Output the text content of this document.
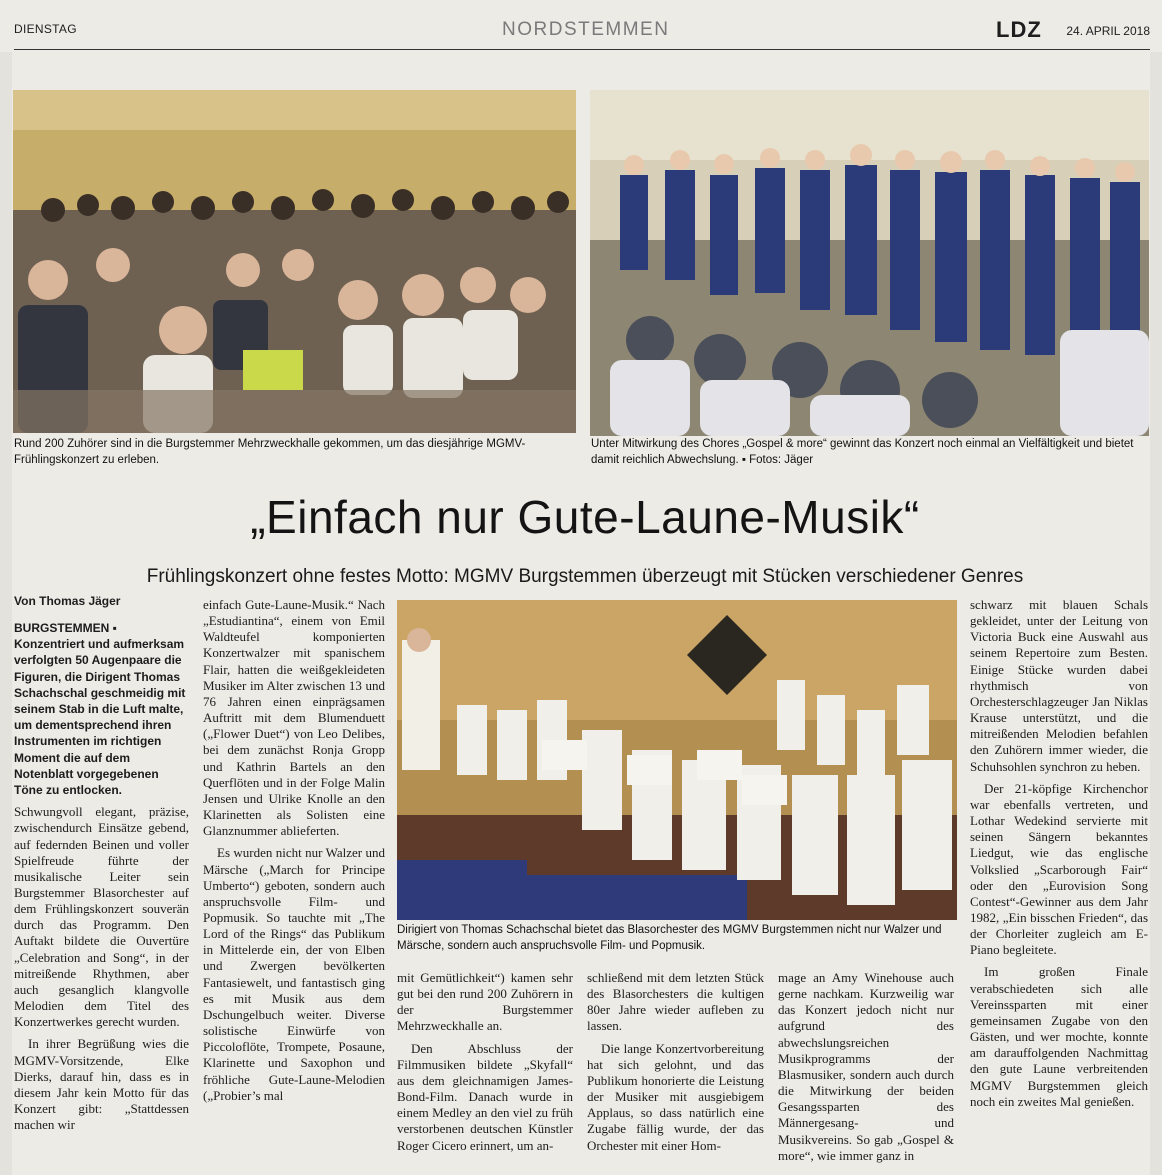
DIENSTAG	NORDSTEMMEN	LDZ 24. APRIL 2018
Rund 200 Zuhörer sind in die Burgstemmer Mehrzweckhalle gekommen, um das diesjährige MGMV-Frühlingskonzert zu erleben.
Unter Mitwirkung des Chores „Gospel & more“ gewinnt das Konzert noch einmal an Vielfältigkeit und bietet damit reichlich Abwechslung. ▪ Fotos: Jäger
„Einfach nur Gute-Laune-Musik“
Frühlingskonzert ohne festes Motto: MGMV Burgstemmen überzeugt mit Stücken verschiedener Genres
Von Thomas Jäger
Dirigiert von Thomas Schachschal bietet das Blasorchester des MGMV Burgstemmen nicht nur Walzer und Märsche, sondern auch anspruchsvolle Film- und Popmusik.

BURGSTEMMEN ▪ Konzentriert und aufmerksam verfolgten 50 Augenpaare die Figuren, die Dirigent Thomas Schachschal geschmeidig mit seinem Stab in die Luft malte, um dementsprechend ihren Instrumenten im richtigen Moment die auf dem Notenblatt vorgegebenen Töne zu entlocken.

Schwungvoll elegant, präzise, zwischendurch Einsätze gebend, auf federnden Beinen und voller Spielfreude führte der musikalische Leiter sein Burgstemmer Blasorchester auf dem Frühlingskonzert souverän durch das Programm. Den Auftakt bildete die Ouvertüre „Celebration and Song“, in der mitreißende Rhythmen, aber auch gesanglich klangvolle Melodien dem Titel des Konzertwerkes gerecht wurden.

In ihrer Begrüßung wies die MGMV-Vorsitzende, Elke Dierks, darauf hin, dass es in diesem Jahr kein Motto für das Konzert gibt: „Stattdessen machen wir

einfach Gute-Laune-Musik.“ Nach „Estudiantina“, einem von Emil Waldteufel komponierten Konzertwalzer mit spanischem Flair, hatten die weißgekleideten Musiker im Alter zwischen 13 und 76 Jahren einen einprägsamen Auftritt mit dem Blumenduett („Flower Duet“) von Leo Delibes, bei dem zunächst Ronja Gropp und Kathrin Bartels an den Querflöten und in der Folge Malin Jensen und Ulrike Knolle an den Klarinetten als Solisten eine Glanznummer ablieferten.

Es wurden nicht nur Walzer und Märsche („March for Principe Umberto“) geboten, sondern auch anspruchsvolle Film- und Popmusik. So tauchte mit „The Lord of the Rings“ das Publikum in Mittelerde ein, der von Elben und Zwergen bevölkerten Fantasiewelt, und fantastisch ging es mit Musik aus dem Dschungelbuch weiter. Diverse solistische Einwürfe von Piccoloflöte, Trompete, Posaune, Klarinette und Saxophon und fröhliche Gute-Laune-Melodien („Probier’s mal

mit Gemütlichkeit“) kamen sehr gut bei den rund 200 Zuhörern in der Burgstemmer Mehrzweckhalle an.

Den Abschluss der Filmmusiken bildete „Skyfall“ aus dem gleichnamigen James-Bond-Film. Danach wurde in einem Medley an den viel zu früh verstorbenen deutschen Künstler Roger Cicero erinnert, um an-

schließend mit dem letzten Stück des Blasorchesters die kultigen 80er Jahre wieder aufleben zu lassen.

Die lange Konzertvorbereitung hat sich gelohnt, und das Publikum honorierte die Leistung der Musiker mit ausgiebigem Applaus, so dass natürlich eine Zugabe fällig wurde, der das Orchester mit einer Hom-

mage an Amy Winehouse auch gerne nachkam. Kurzweilig war das Konzert jedoch nicht nur aufgrund des abwechslungsreichen Musikprogramms der Blasmusiker, sondern auch durch die Mitwirkung der beiden Gesangssparten des Männergesang- und Musikvereins. So gab „Gospel & more“, wie immer ganz in

schwarz mit blauen Schals gekleidet, unter der Leitung von Victoria Buck eine Auswahl aus seinem Repertoire zum Besten. Einige Stücke wurden dabei rhythmisch von Orchesterschlagzeuger Jan Niklas Krause unterstützt, und die mitreißenden Melodien befahlen den Zuhörern immer wieder, die Schuhsohlen synchron zu heben.

Der 21-köpfige Kirchenchor war ebenfalls vertreten, und Lothar Wedekind servierte mit seinen Sängern bekanntes Liedgut, wie das englische Volkslied „Scarborough Fair“ oder den „Eurovision Song Contest“-Gewinner aus dem Jahr 1982, „Ein bisschen Frieden“, das der Chorleiter zugleich am E-Piano begleitete.

Im großen Finale verabschiedeten sich alle Vereinssparten mit einer gemeinsamen Zugabe von den Gästen, und wer mochte, konnte am darauffolgenden Nachmittag den gute Laune verbreitenden MGMV Burgstemmen gleich noch ein zweites Mal genießen.
